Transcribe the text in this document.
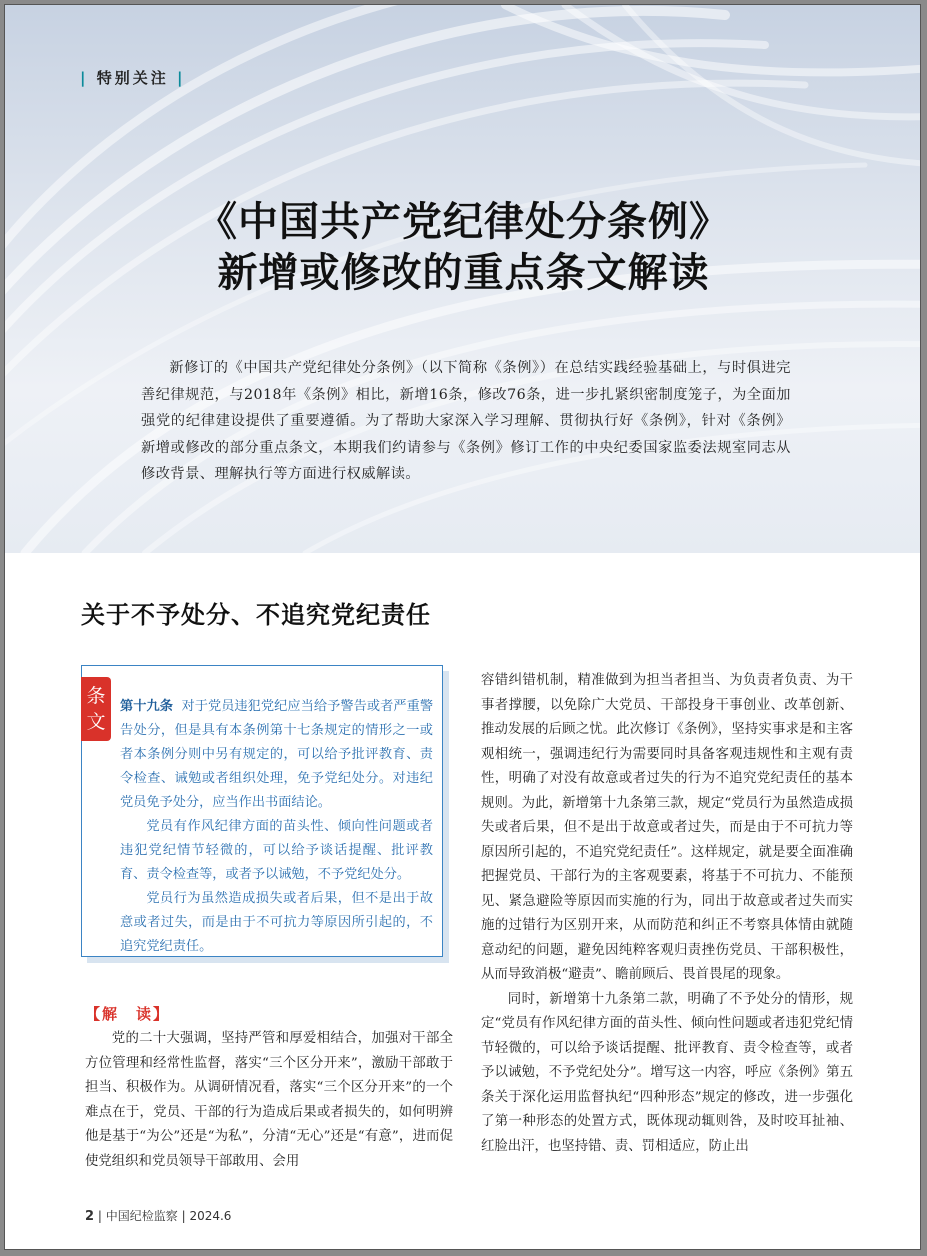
| 特别关注 |
《中国共产党纪律处分条例》
新增或修改的重点条文解读
新修订的《中国共产党纪律处分条例》（以下简称《条例》）在总结实践经验基础上，与时俱进完善纪律规范，与2018年《条例》相比，新增16条，修改76条，进一步扎紧织密制度笼子，为全面加强党的纪律建设提供了重要遵循。为了帮助大家深入学习理解、贯彻执行好《条例》，针对《条例》新增或修改的部分重点条文，本期我们约请参与《条例》修订工作的中央纪委国家监委法规室同志从修改背景、理解执行等方面进行权威解读。
关于不予处分、不追究党纪责任
条文

第十九条 对于党员违犯党纪应当给予警告或者严重警告处分，但是具有本条例第十七条规定的情形之一或者本条例分则中另有规定的，可以给予批评教育、责令检查、诫勉或者组织处理，免予党纪处分。对违纪党员免予处分，应当作出书面结论。

党员有作风纪律方面的苗头性、倾向性问题或者违犯党纪情节轻微的，可以给予谈话提醒、批评教育、责令检查等，或者予以诫勉，不予党纪处分。

党员行为虽然造成损失或者后果，但不是出于故意或者过失，而是由于不可抗力等原因所引起的，不追究党纪责任。

【解　读】

党的二十大强调，坚持严管和厚爱相结合，加强对干部全方位管理和经常性监督，落实“三个区分开来”，激励干部敢于担当、积极作为。从调研情况看，落实“三个区分开来”的一个难点在于，党员、干部的行为造成后果或者损失的，如何明辨他是基于“为公”还是“为私”，分清“无心”还是“有意”，进而促使党组织和党员领导干部敢用、会用

容错纠错机制，精准做到为担当者担当、为负责者负责、为干事者撑腰，以免除广大党员、干部投身干事创业、改革创新、推动发展的后顾之忧。此次修订《条例》，坚持实事求是和主客观相统一，强调违纪行为需要同时具备客观违规性和主观有责性，明确了对没有故意或者过失的行为不追究党纪责任的基本规则。为此，新增第十九条第三款，规定“党员行为虽然造成损失或者后果，但不是出于故意或者过失，而是由于不可抗力等原因所引起的，不追究党纪责任”。这样规定，就是要全面准确把握党员、干部行为的主客观要素，将基于不可抗力、不能预见、紧急避险等原因而实施的行为，同出于故意或者过失而实施的过错行为区别开来，从而防范和纠正不考察具体情由就随意动纪的问题，避免因纯粹客观归责挫伤党员、干部积极性，从而导致消极“避责”、瞻前顾后、畏首畏尾的现象。

同时，新增第十九条第二款，明确了不予处分的情形，规定“党员有作风纪律方面的苗头性、倾向性问题或者违犯党纪情节轻微的，可以给予谈话提醒、批评教育、责令检查等，或者予以诫勉，不予党纪处分”。增写这一内容，呼应《条例》第五条关于深化运用监督执纪“四种形态”规定的修改，进一步强化了第一种形态的处置方式，既体现动辄则咎，及时咬耳扯袖、红脸出汗，也坚持错、责、罚相适应，防止出

2 | 中国纪检监察 | 2024.6
